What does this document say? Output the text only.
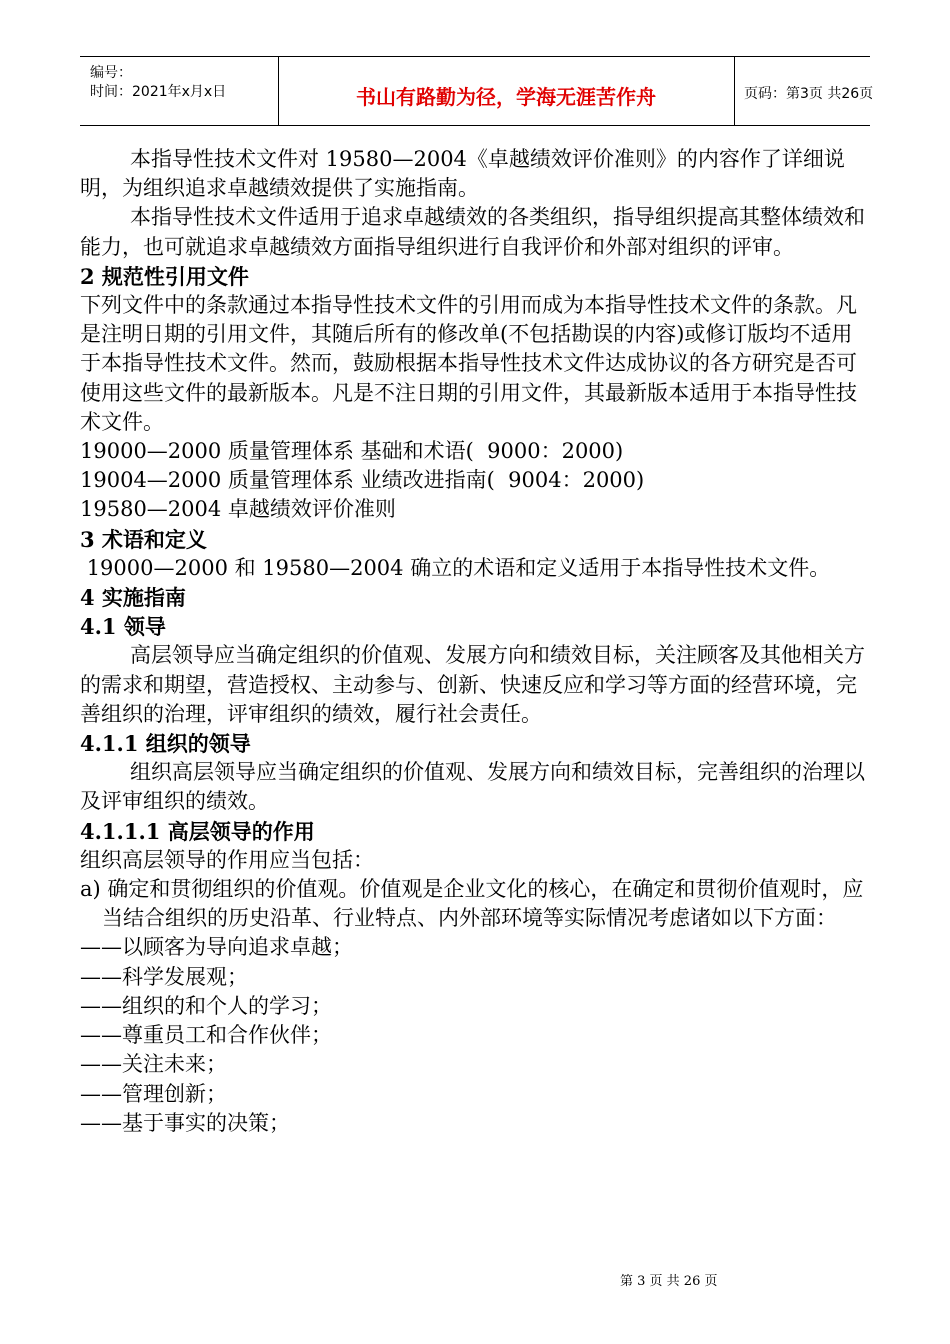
编号：
时间：2021年x月x日	书山有路勤为径，学海无涯苦作舟	页码：第3页 共26页

本指导性技术文件对 19580—2004《卓越绩效评价准则》的内容作了详细说明，为组织追求卓越绩效提供了实施指南。

本指导性技术文件适用于追求卓越绩效的各类组织，指导组织提高其整体绩效和能力，也可就追求卓越绩效方面指导组织进行自我评价和外部对组织的评审。

2 规范性引用文件

下列文件中的条款通过本指导性技术文件的引用而成为本指导性技术文件的条款。凡是注明日期的引用文件，其随后所有的修改单(不包括勘误的内容)或修订版均不适用于本指导性技术文件。然而，鼓励根据本指导性技术文件达成协议的各方研究是否可使用这些文件的最新版本。凡是不注日期的引用文件，其最新版本适用于本指导性技术文件。

19000—2000 质量管理体系 基础和术语(  9000：2000)

19004—2000 质量管理体系 业绩改进指南(  9004：2000)

19580—2004 卓越绩效评价准则

3 术语和定义

19000—2000 和 19580—2004 确立的术语和定义适用于本指导性技术文件。

4 实施指南

4.1 领导

高层领导应当确定组织的价值观、发展方向和绩效目标，关注顾客及其他相关方的需求和期望，营造授权、主动参与、创新、快速反应和学习等方面的经营环境，完善组织的治理，评审组织的绩效，履行社会责任。

4.1.1 组织的领导

组织高层领导应当确定组织的价值观、发展方向和绩效目标，完善组织的治理以及评审组织的绩效。

4.1.1.1 高层领导的作用

组织高层领导的作用应当包括：

a) 确定和贯彻组织的价值观。价值观是企业文化的核心，在确定和贯彻价值观时，应当结合组织的历史沿革、行业特点、内外部环境等实际情况考虑诸如以下方面：

——以顾客为导向追求卓越；

——科学发展观；

——组织的和个人的学习；

——尊重员工和合作伙伴；

——关注未来；

——管理创新；

——基于事实的决策；

第 3 页 共 26 页
